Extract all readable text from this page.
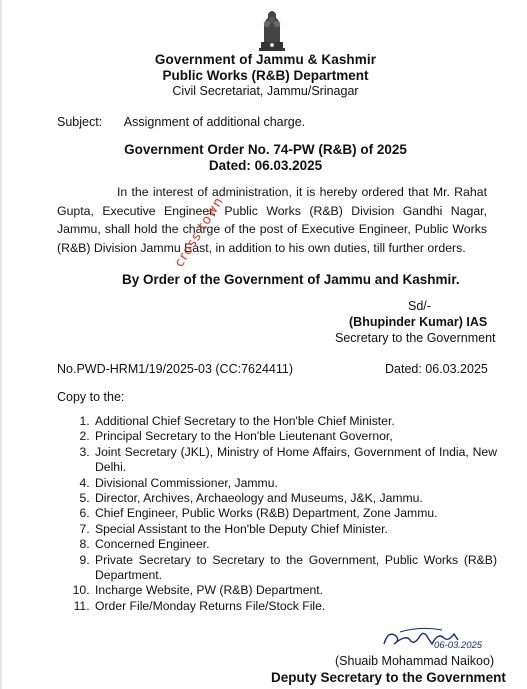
Government of Jammu & Kashmir
Public Works (R&B) Department
Civil Secretariat, Jammu/Srinagar
Subject: Assignment of additional charge.
Government Order No. 74-PW (R&B) of 2025
Dated: 06.03.2025
In the interest of administration, it is hereby ordered that Mr. Rahat Gupta, Executive Engineer, Public Works (R&B) Division Gandhi Nagar, Jammu, shall hold the charge of the post of Executive Engineer, Public Works (R&B) Division Jammu East, in addition to his own duties, till further orders.
cross town
By Order of the Government of Jammu and Kashmir.
Sd/-
(Bhupinder Kumar) IAS
Secretary to the Government
No.PWD-HRM1/19/2025-03 (CC:7624411)	Dated: 06.03.2025
Copy to the:
1. Additional Chief Secretary to the Hon'ble Chief Minister.
2. Principal Secretary to the Hon'ble Lieutenant Governor,
3. Joint Secretary (JKL), Ministry of Home Affairs, Government of India, New Delhi.
4. Divisional Commissioner, Jammu.
5. Director, Archives, Archaeology and Museums, J&K, Jammu.
6. Chief Engineer, Public Works (R&B) Department, Zone Jammu.
7. Special Assistant to the Hon'ble Deputy Chief Minister.
8. Concerned Engineer.
9. Private Secretary to Secretary to the Government, Public Works (R&B) Department.
10. Incharge Website, PW (R&B) Department.
11. Order File/Monday Returns File/Stock File.
06-03.2025
(Shuaib Mohammad Naikoo)
Deputy Secretary to the Government
